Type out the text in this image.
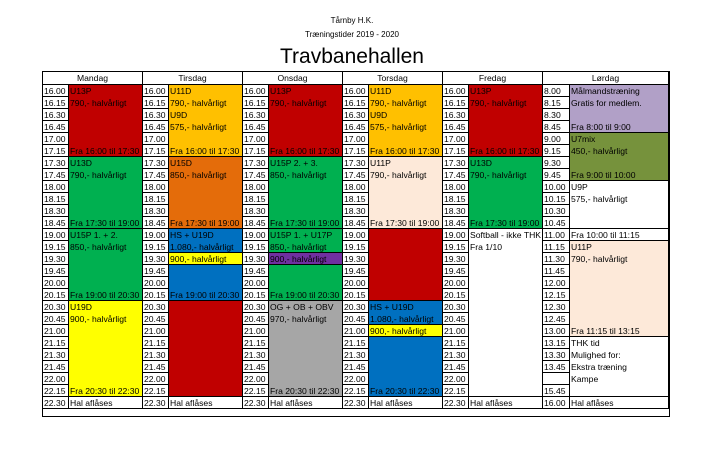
Tårnby H.K.
Træningstider 2019 - 2020
Travbanehallen
Mandag
16.00
16.15
16.30
16.45
17.00
17.15
17.30
17.45
18.00
18.15
18.30
18.45
19.00
19.15
19.30
19.45
20.00
20.15
20.30
20.45
21.00
21.15
21.30
21.45
22.00
22.15
22.30
U13P
790,- halvårligt
Fra 16:00 til 17:30
U13D
790,- halvårligt
Fra 17:30 til 19:00
U15P 1. + 2.
850,- halvårligt
Fra 19:00 til 20:30
U19D
900,- halvårligt
Fra 20:30 til 22:30
Hal aflåses
Tirsdag
16.00
16.15
16.30
16.45
17.00
17.15
17.30
17.45
18.00
18.15
18.30
18.45
19.00
19.15
19.30
19.45
20.00
20.15
20.30
20.45
21.00
21.15
21.30
21.45
22.00
22.15
22.30
U11D
790,- halvårligt
U9D
575,- halvårligt
Fra 16:00 til 17:30
U15D
850,- halvårligt
Fra 17:30 til 19:00
HS + U19D
1.080,- halvårligt
900,- halvårligt
Fra 19:00 til 20:30
DS + U19P
1.080,- halvårligt
900,- halvårligt
Fra 20:30 til 22:30
Hal aflåses
Onsdag
16.00
16.15
16.30
16.45
17.00
17.15
17.30
17.45
18.00
18.15
18.30
18.45
19.00
19.15
19.30
19.45
20.00
20.15
20.30
20.45
21.00
21.15
21.30
21.45
22.00
22.15
22.30
U13P
790,- halvårligt
Fra 16:00 til 17:30
U15P 2. + 3.
850,- halvårligt
Fra 17:30 til 19:00
U15P 1. + U17P
850,- halvårligt
900,- halvårligt
Fra 19:00 til 20:30
OG + OB + OBV
970,- halvårligt
Fra 20:30 til 22:30
Hal aflåses
Torsdag
16.00
16.15
16.30
16.45
17.00
17.15
17.30
17.45
18.00
18.15
18.30
18.45
19.00
19.15
19.30
19.45
20.00
20.15
20.30
20.45
21.00
21.15
21.30
21.45
22.00
22.15
22.30
U11D
790,- halvårligt
U9D
575,- halvårligt
Fra 16:00 til 17:30
U11P
790,- halvårligt
Fra 17:30 til 19:00
DS + U19P
1.080,- halvårligt
900,- halvårligt
Fra 19:00 til 20:30
HS + U19D
1.080,- halvårligt
900,- halvårligt
Fra 20:30 til 22:30
Hal aflåses
Fredag
16.00
16.15
16.30
16.45
17.00
17.15
17.30
17.45
18.00
18.15
18.30
18.45
19.00
19.15
19.30
19.45
20.00
20.15
20.30
20.45
21.00
21.15
21.30
21.45
22.00
22.15
22.30
U13P
790,- halvårligt
Fra 16:00 til 17:30
U13D
790,- halvårligt
Fra 17:30 til 19:00
Softball - ikke THK
Fra 1/10
Hal aflåses
Lørdag
8.00
8.15
8.30
8.45
9.00
9.15
9.30
9.45
10.00
10.15
10.30
10.45
11.00
11.15
11.30
11.45
12.00
12.15
12.30
12.45
13.00
13.15
13.30
13.45
15.45
16.00
Målmandstræning
Gratis for medlem.
Fra 8:00 til 9:00
U7mix
450,- halvårligt
Fra 9:00 til 10:00
U9P
575,- halvårligt
Fra 10:00 til 11:15
U11P
790,- halvårligt
Fra 11:15 til 13:15
THK tid
Mulighed for:
Ekstra træning
Kampe
Hal aflåses
